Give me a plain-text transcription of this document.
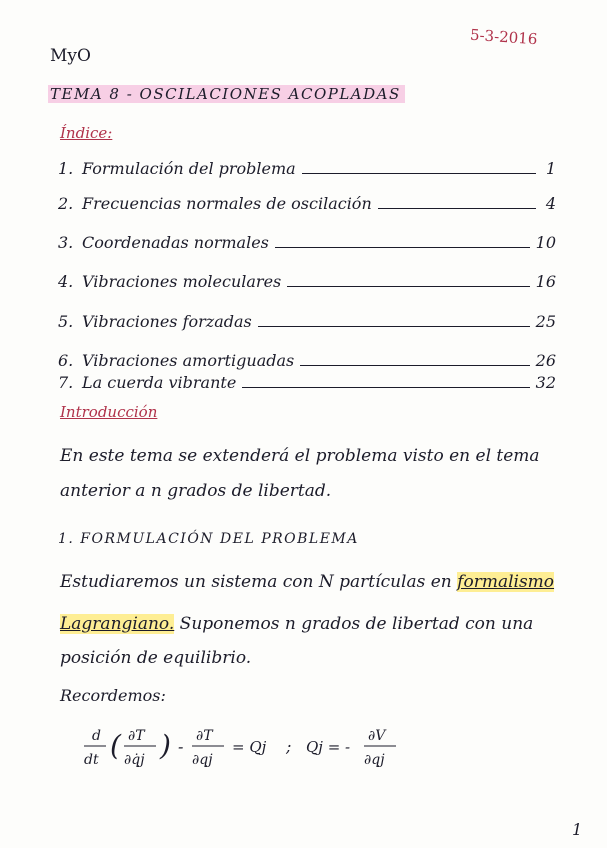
5-3-2016
MyO
TEMA 8 - OSCILACIONES ACOPLADAS
Índice:
1. Formulación del problema	1
2. Frecuencias normales de oscilación	4
3. Coordenadas normales	10
4. Vibraciones moleculares	16
5. Vibraciones forzadas	25
6. Vibraciones amortiguadas	26
7. La cuerda vibrante	32
Introducción
En este tema se extenderá el problema visto en el tema
anterior a n grados de libertad.
1. FORMULACIÓN DEL PROBLEMA
Estudiaremos un sistema con N partículas en formalismo
Lagrangiano. Suponemos n grados de libertad con una
posición de equilibrio.
Recordemos:
d
dt ( ∂T
∂q̇j ) -
∂T
∂qj
= Qj ; Qj = -
∂V
∂qj
1
